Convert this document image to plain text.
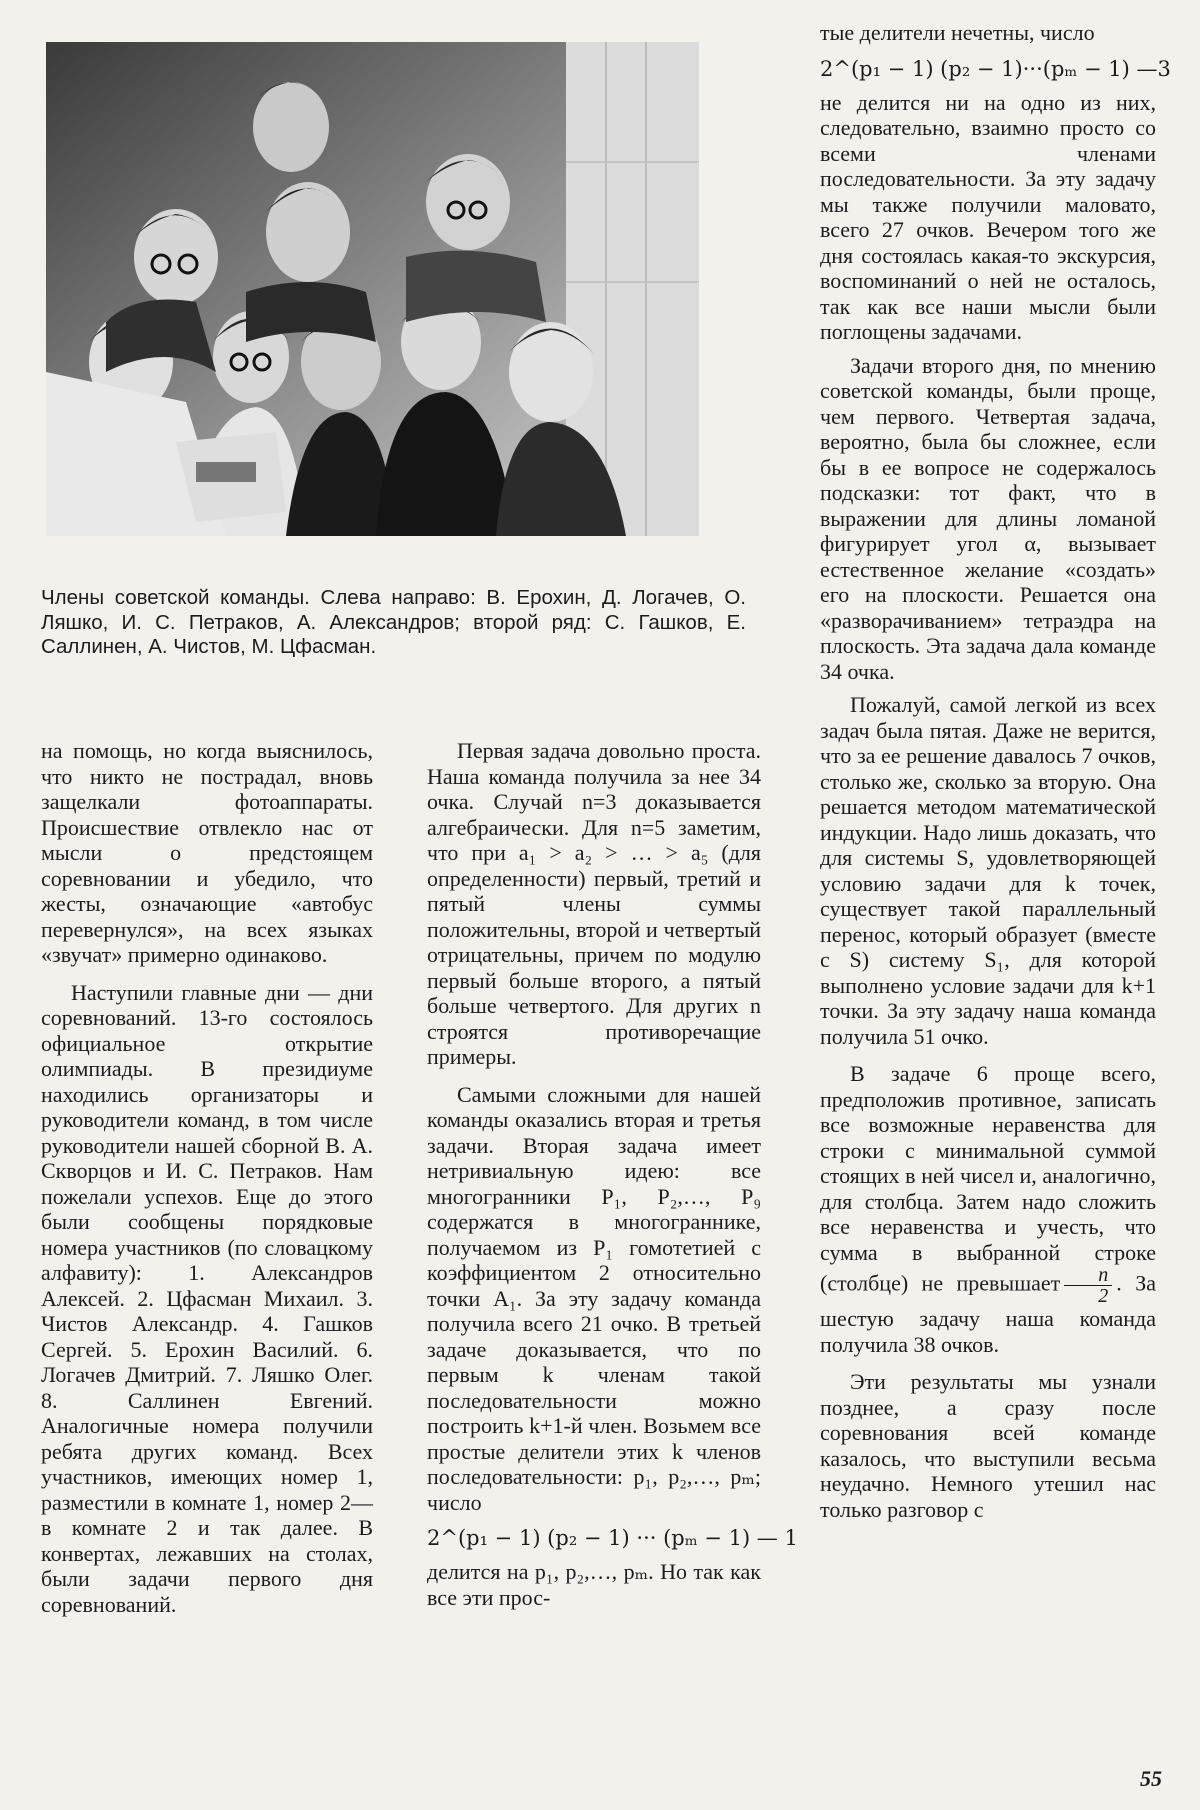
Члены советской команды. Слева направо: В. Ерохин, Д. Логачев, О. Ляшко, И. С. Петраков, А. Александров; второй ряд: С. Гашков, Е. Саллинен, А. Чистов, М. Цфасман.

на помощь, но когда выяснилось, что никто не пострадал, вновь защелкали фотоаппараты. Происшествие отвлекло нас от мысли о предстоящем соревновании и убедило, что жесты, означающие «автобус перевернулся», на всех языках «звучат» примерно одинаково.

Наступили главные дни — дни соревнований. 13-го состоялось официальное открытие олимпиады. В президиуме находились организаторы и руководители команд, в том числе руководители нашей сборной В. А. Скворцов и И. С. Петраков. Нам пожелали успехов. Еще до этого были сообщены порядковые номера участников (по словацкому алфавиту): 1. Александров Алексей. 2. Цфасман Михаил. 3. Чистов Александр. 4. Гашков Сергей. 5. Ерохин Василий. 6. Логачев Дмитрий. 7. Ляшко Олег. 8. Саллинен Евгений. Аналогичные номера получили ребята других команд. Всех участников, имеющих номер 1, разместили в комнате 1, номер 2— в комнате 2 и так далее. В конвертах, лежавших на столах, были задачи первого дня соревнований.

Первая задача довольно проста. Наша команда получила за нее 34 очка. Случай n=3 доказывается алгебраически. Для n=5 заметим, что при a₁ > a₂ > … > a₅ (для определенности) первый, третий и пятый члены суммы положительны, второй и четвертый отрицательны, причем по модулю первый больше второго, а пятый больше четвертого. Для других n строятся противоречащие примеры.

Самыми сложными для нашей команды оказались вторая и третья задачи. Вторая задача имеет нетривиальную идею: все многогранники P₁, P₂,…, P₉ содержатся в многограннике, получаемом из P₁ гомотетией с коэффициентом 2 относительно точки A₁. За эту задачу команда получила всего 21 очко. В третьей задаче доказывается, что по первым k членам такой последовательности можно построить k+1-й член. Возьмем все простые делители этих k членов последовательности: p₁, p₂,…, pₘ; число

2^(p₁ − 1) (p₂ − 1) ··· (pₘ − 1) — 1

делится на p₁, p₂,…, pₘ. Но так как все эти прос-

тые делители нечетны, число

2^(p₁ − 1) (p₂ − 1)···(pₘ − 1) —3

не делится ни на одно из них, следовательно, взаимно просто со всеми членами последовательности. За эту задачу мы также получили маловато, всего 27 очков. Вечером того же дня состоялась какая-то экскурсия, воспоминаний о ней не осталось, так как все наши мысли были поглощены задачами.

Задачи второго дня, по мнению советской команды, были проще, чем первого. Четвертая задача, вероятно, была бы сложнее, если бы в ее вопросе не содержалось подсказки: тот факт, что в выражении для длины ломаной фигурирует угол α, вызывает естественное желание «создать» его на плоскости. Решается она «разворачиванием» тетраэдра на плоскость. Эта задача дала команде 34 очка.

Пожалуй, самой легкой из всех задач была пятая. Даже не верится, что за ее решение давалось 7 очков, столько же, сколько за вторую. Она решается методом математической индукции. Надо лишь доказать, что для системы S, удовлетворяющей условию задачи для k точек, существует такой параллельный перенос, который образует (вместе с S) систему S₁, для которой выполнено условие задачи для k+1 точки. За эту задачу наша команда получила 51 очко.

В задаче 6 проще всего, предположив противное, записать все возможные неравенства для строки с минимальной суммой стоящих в ней чисел и, аналогично, для столбца. Затем надо сложить все неравенства и учесть, что сумма в выбранной строке (столбце) не превышает $\frac{n}{2}$ . За шестую задачу наша команда получила 38 очков.

Эти результаты мы узнали позднее, а сразу после соревнования всей команде казалось, что выступили весьма неудачно. Немного утешил нас только разговор с

55
